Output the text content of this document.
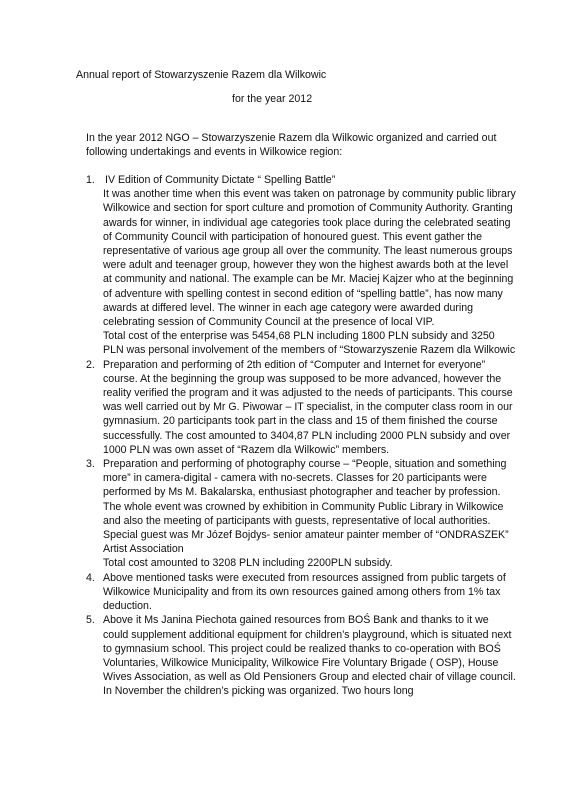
Annual report of Stowarzyszenie Razem dla Wilkowic
for the year 2012
In the year 2012 NGO – Stowarzyszenie Razem dla Wilkowic organized and carried out following undertakings and events in Wilkowice region:
1. IV Edition of Community Dictate “ Spelling Battle”
It was another time when this event was taken on patronage by community public library Wilkowice and section for sport culture and promotion of Community Authority. Granting awards for winner, in individual age categories took place during the celebrated seating of Community Council with participation of honoured guest. This event gather the representative of various age group all over the community. The least numerous groups were adult and teenager group, however they won the highest awards both at the level at community and national. The example can be Mr. Maciej Kajzer who at the beginning of adventure with spelling contest in second edition of “spelling battle”, has now many awards at differed level. The winner in each age category were awarded during celebrating session of Community Council at the presence of local VIP.
Total cost of the enterprise was 5454,68 PLN including 1800 PLN subsidy and 3250 PLN was personal involvement of the members of “Stowarzyszenie Razem dla Wilkowic
2. Preparation and performing of 2th edition of “Computer and Internet for everyone” course. At the beginning the group was supposed to be more advanced, however the reality verified the program and it was adjusted to the needs of participants. This course was well carried out by Mr G. Piwowar – IT specialist, in the computer class room in our gymnasium. 20 participants took part in the class and 15 of them finished the course successfully. The cost amounted to 3404,87 PLN including 2000 PLN subsidy and over 1000 PLN was own asset of “Razem dla Wilkowic” members.
3. Preparation and performing of photography course – “People, situation and something more” in camera-digital - camera with no-secrets. Classes for 20 participants were performed by Ms M. Bakalarska, enthusiast photographer and teacher by profession. The whole event was crowned by exhibition in Community Public Library in Wilkowice and also the meeting of participants with guests, representative of local authorities. Special guest was Mr Józef Bojdys- senior amateur painter member of “ONDRASZEK” Artist Association
Total cost amounted to 3208 PLN including 2200PLN subsidy.
4. Above mentioned tasks were executed from resources assigned from public targets of Wilkowice Municipality and from its own resources gained among others from 1% tax deduction.
5. Above it Ms Janina Piechota gained resources from BOŚ Bank and thanks to it we could supplement additional equipment for children’s playground, which is situated next to gymnasium school. This project could be realized thanks to co-operation with BOŚ Voluntaries, Wilkowice Municipality, Wilkowice Fire Voluntary Brigade ( OSP), House Wives Association, as well as Old Pensioners Group and elected chair of village council. In November the children’s picking was organized. Two hours long
